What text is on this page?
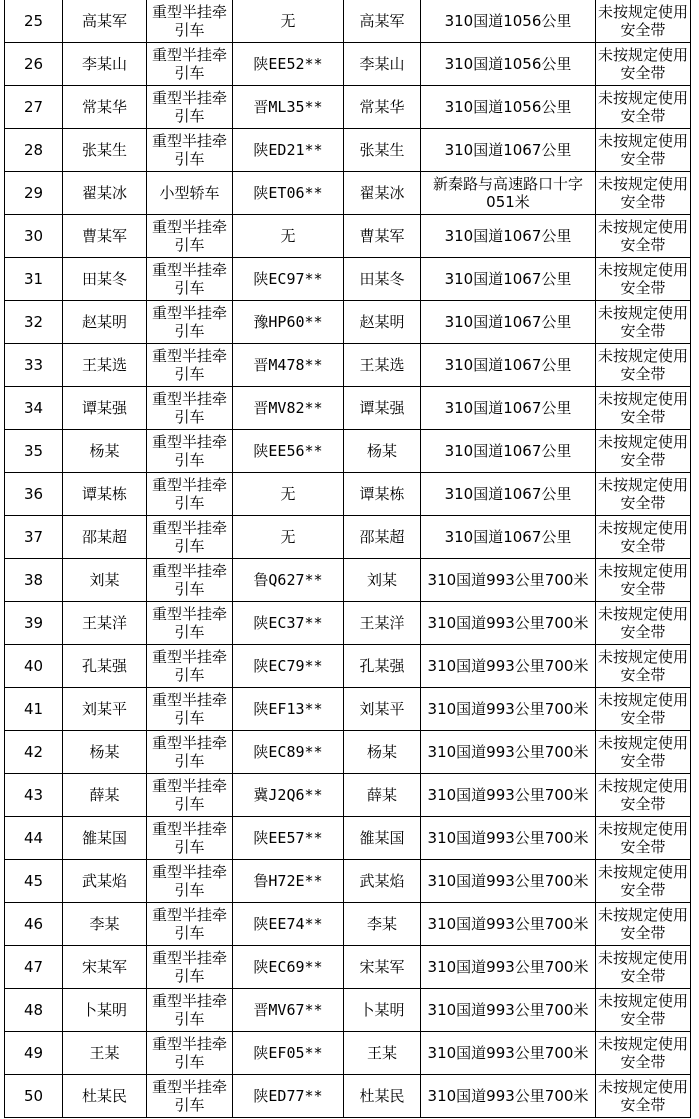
25	高某军	重型半挂牵引车	无	高某军	310国道1056公里	未按规定使用安全带
26	李某山	重型半挂牵引车	陕EE52**	李某山	310国道1056公里	未按规定使用安全带
27	常某华	重型半挂牵引车	晋ML35**	常某华	310国道1056公里	未按规定使用安全带
28	张某生	重型半挂牵引车	陕ED21**	张某生	310国道1067公里	未按规定使用安全带
29	翟某冰	小型轿车	陕ET06**	翟某冰	新秦路与高速路口十字051米	未按规定使用安全带
30	曹某军	重型半挂牵引车	无	曹某军	310国道1067公里	未按规定使用安全带
31	田某冬	重型半挂牵引车	陕EC97**	田某冬	310国道1067公里	未按规定使用安全带
32	赵某明	重型半挂牵引车	豫HP60**	赵某明	310国道1067公里	未按规定使用安全带
33	王某选	重型半挂牵引车	晋M478**	王某选	310国道1067公里	未按规定使用安全带
34	谭某强	重型半挂牵引车	晋MV82**	谭某强	310国道1067公里	未按规定使用安全带
35	杨某	重型半挂牵引车	陕EE56**	杨某	310国道1067公里	未按规定使用安全带
36	谭某栋	重型半挂牵引车	无	谭某栋	310国道1067公里	未按规定使用安全带
37	邵某超	重型半挂牵引车	无	邵某超	310国道1067公里	未按规定使用安全带
38	刘某	重型半挂牵引车	鲁Q627**	刘某	310国道993公里700米	未按规定使用安全带
39	王某洋	重型半挂牵引车	陕EC37**	王某洋	310国道993公里700米	未按规定使用安全带
40	孔某强	重型半挂牵引车	陕EC79**	孔某强	310国道993公里700米	未按规定使用安全带
41	刘某平	重型半挂牵引车	陕EF13**	刘某平	310国道993公里700米	未按规定使用安全带
42	杨某	重型半挂牵引车	陕EC89**	杨某	310国道993公里700米	未按规定使用安全带
43	薛某	重型半挂牵引车	冀J2Q6**	薛某	310国道993公里700米	未按规定使用安全带
44	雒某国	重型半挂牵引车	陕EE57**	雒某国	310国道993公里700米	未按规定使用安全带
45	武某焰	重型半挂牵引车	鲁H72E**	武某焰	310国道993公里700米	未按规定使用安全带
46	李某	重型半挂牵引车	陕EE74**	李某	310国道993公里700米	未按规定使用安全带
47	宋某军	重型半挂牵引车	陕EC69**	宋某军	310国道993公里700米	未按规定使用安全带
48	卜某明	重型半挂牵引车	晋MV67**	卜某明	310国道993公里700米	未按规定使用安全带
49	王某	重型半挂牵引车	陕EF05**	王某	310国道993公里700米	未按规定使用安全带
50	杜某民	重型半挂牵引车	陕ED77**	杜某民	310国道993公里700米	未按规定使用安全带
